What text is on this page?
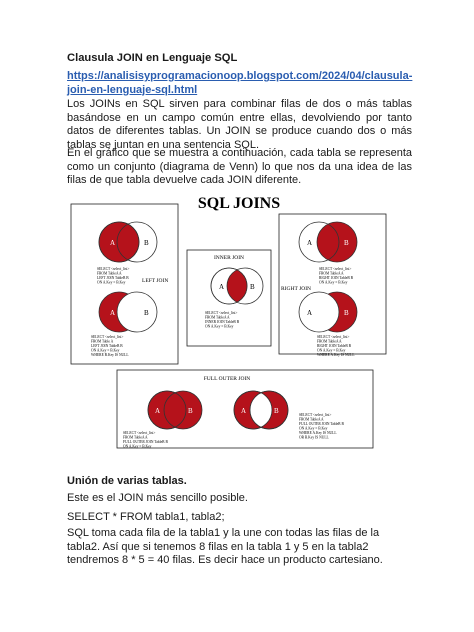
Clausula JOIN en Lenguaje SQL
https://analisisyprogramacionoop.blogspot.com/2024/04/clausula-join-en-lenguaje-sql.html
Los JOINs en SQL sirven para combinar filas de dos o más tablas basándose en un campo común entre ellas, devolviendo por tanto datos de diferentes tablas. Un JOIN se produce cuando dos o más tablas se juntan en una sentencia SQL.
En el gráfico que se muestra a continuación, cada tabla se representa como un conjunto (diagrama de Venn) lo que nos da una idea de las filas de que tabla devuelve cada JOIN diferente.
SQL JOINS
A	B
SELECT <select_list>
FROM TableA A
LEFT JOIN TableB B
ON A.Key = B.Key	LEFT JOIN
A	B
SELECT <select_list>
FROM Table A
LEFT JOIN TableB B
ON A.Key = B.Key
WHERE B.Key IS NULL
INNER JOIN
A	B
SELECT <select_list>
FROM TableA A
INNER JOIN TableB B
ON A.Key = B.Key
A	B
SELECT <select_list>
FROM TableA A
RIGHT JOIN TableB B
ON A.Key = B.Key
RIGHT JOIN
A	B
SELECT <select_list>
FROM TableA A
RIGHT JOIN TableB B
ON A.Key = B.Key
WHERE A.Key IS NULL
FULL OUTER JOIN
A	B
SELECT <select_list>
FROM TableA A
FULL OUTER JOIN TableB B
ON A.Key = B.Key
A	B	SELECT <select_list>
FROM TableA A
FULL OUTER JOIN TableB B
ON A.Key = B.Key
WHERE A.Key IS NULL
OR B.Key IS NULL
Unión de varias tablas.
Este es el JOIN más sencillo posible.
SELECT * FROM tabla1, tabla2;
SQL toma cada fila de la tabla1 y la une con todas las filas de la tabla2. Así que si tenemos 8 filas en la tabla 1 y 5 en la tabla2 tendremos 8 * 5 = 40 filas. Es decir hace un producto cartesiano.
